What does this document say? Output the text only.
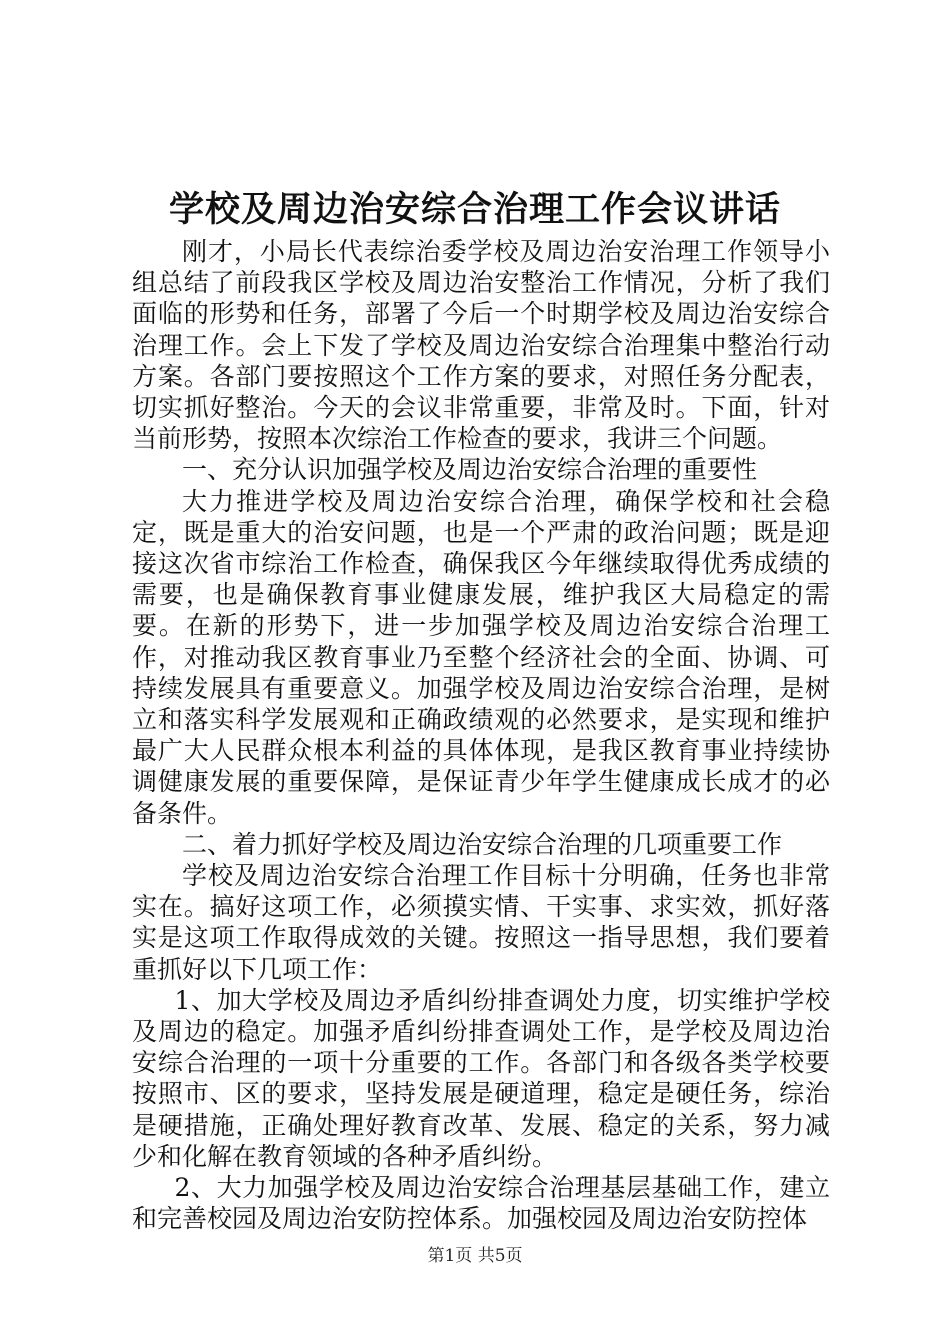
学校及周边治安综合治理工作会议讲话

刚才，小局长代表综治委学校及周边治安治理工作领导小组总结了前段我区学校及周边治安整治工作情况，分析了我们面临的形势和任务，部署了今后一个时期学校及周边治安综合治理工作。会上下发了学校及周边治安综合治理集中整治行动方案。各部门要按照这个工作方案的要求，对照任务分配表，切实抓好整治。今天的会议非常重要，非常及时。下面，针对当前形势，按照本次综治工作检查的要求，我讲三个问题。

一、充分认识加强学校及周边治安综合治理的重要性

大力推进学校及周边治安综合治理，确保学校和社会稳定，既是重大的治安问题，也是一个严肃的政治问题；既是迎接这次省市综治工作检查，确保我区今年继续取得优秀成绩的需要，也是确保教育事业健康发展，维护我区大局稳定的需要。在新的形势下，进一步加强学校及周边治安综合治理工作，对推动我区教育事业乃至整个经济社会的全面、协调、可持续发展具有重要意义。加强学校及周边治安综合治理，是树立和落实科学发展观和正确政绩观的必然要求，是实现和维护最广大人民群众根本利益的具体体现，是我区教育事业持续协调健康发展的重要保障，是保证青少年学生健康成长成才的必备条件。

二、着力抓好学校及周边治安综合治理的几项重要工作

学校及周边治安综合治理工作目标十分明确，任务也非常实在。搞好这项工作，必须摸实情、干实事、求实效，抓好落实是这项工作取得成效的关键。按照这一指导思想，我们要着重抓好以下几项工作：

1、加大学校及周边矛盾纠纷排查调处力度，切实维护学校及周边的稳定。加强矛盾纠纷排查调处工作，是学校及周边治安综合治理的一项十分重要的工作。各部门和各级各类学校要按照市、区的要求，坚持发展是硬道理，稳定是硬任务，综治是硬措施，正确处理好教育改革、发展、稳定的关系，努力减少和化解在教育领域的各种矛盾纠纷。

2、大力加强学校及周边治安综合治理基层基础工作，建立和完善校园及周边治安防控体系。加强校园及周边治安防控体

第1页 共5页
